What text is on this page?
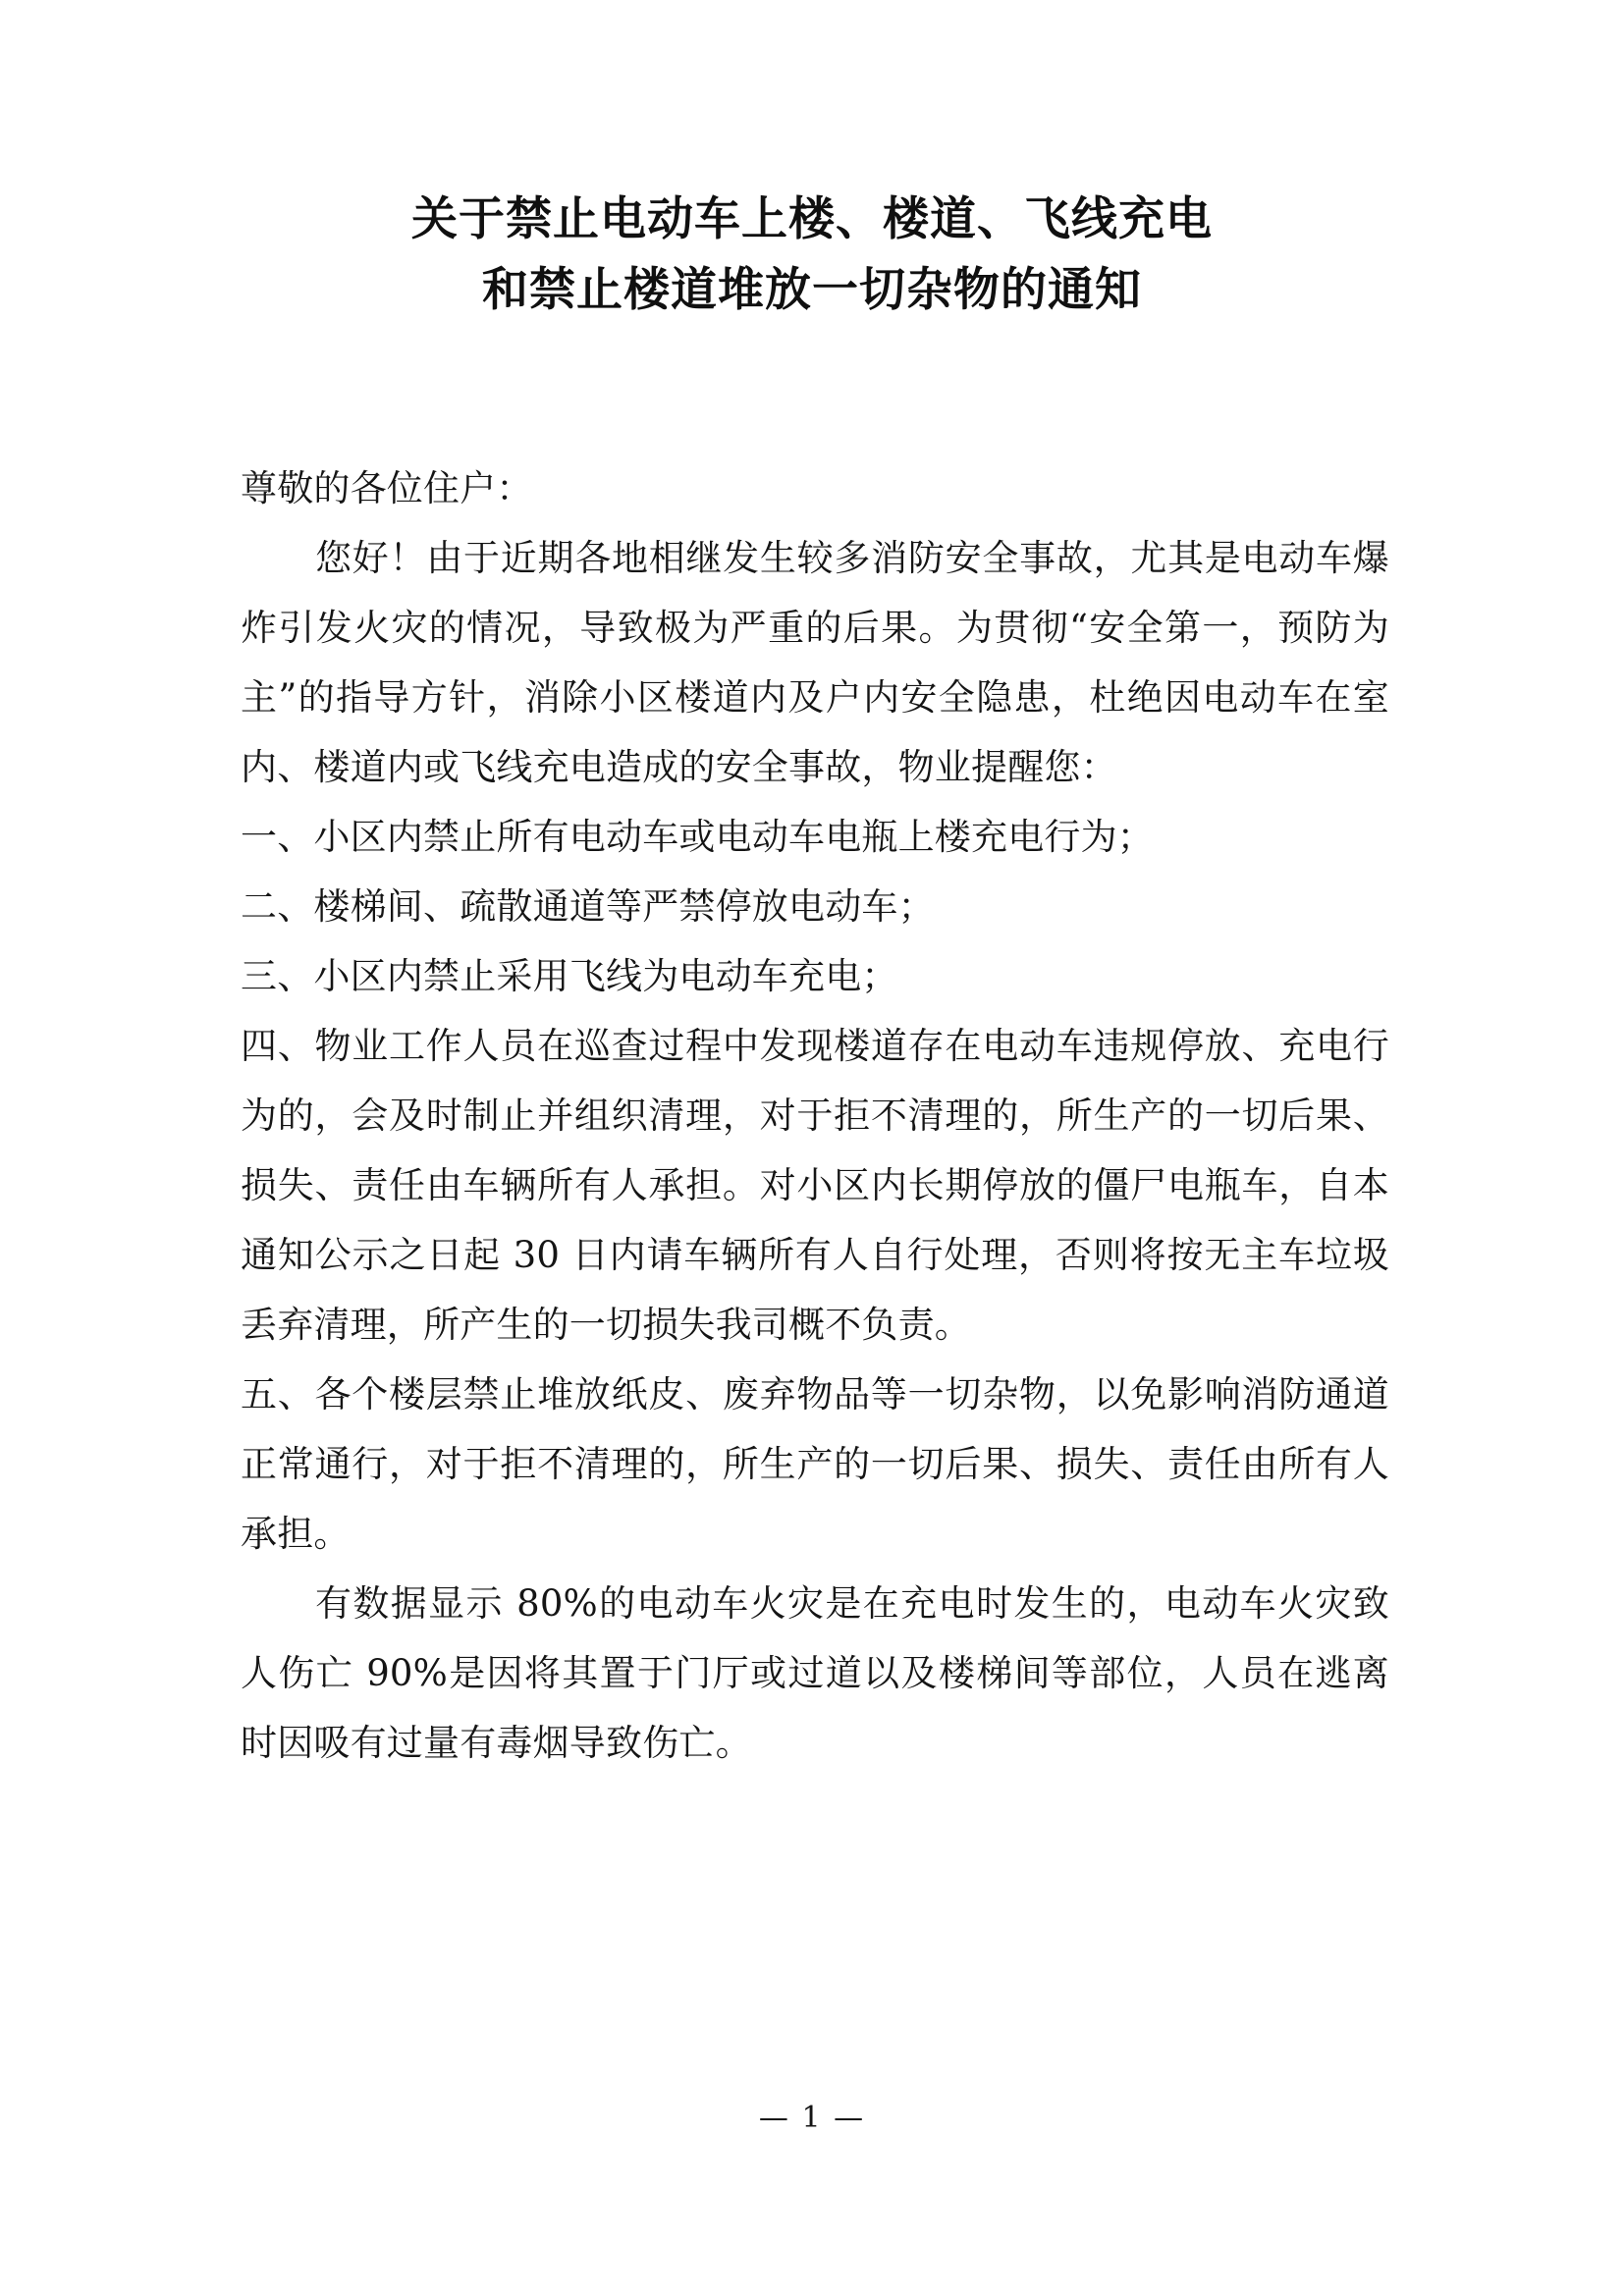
关于禁止电动车上楼、楼道、飞线充电
和禁止楼道堆放一切杂物的通知
尊敬的各位住户：
您好！由于近期各地相继发生较多消防安全事故，尤其是电动车爆炸引发火灾的情况，导致极为严重的后果。为贯彻“安全第一，预防为主”的指导方针，消除小区楼道内及户内安全隐患，杜绝因电动车在室内、楼道内或飞线充电造成的安全事故，物业提醒您：
一、小区内禁止所有电动车或电动车电瓶上楼充电行为；
二、楼梯间、疏散通道等严禁停放电动车；
三、小区内禁止采用飞线为电动车充电；
四、物业工作人员在巡查过程中发现楼道存在电动车违规停放、充电行为的，会及时制止并组织清理，对于拒不清理的，所生产的一切后果、损失、责任由车辆所有人承担。对小区内长期停放的僵尸电瓶车，自本通知公示之日起 30 日内请车辆所有人自行处理，否则将按无主车垃圾丢弃清理，所产生的一切损失我司概不负责。
五、各个楼层禁止堆放纸皮、废弃物品等一切杂物，以免影响消防通道正常通行，对于拒不清理的，所生产的一切后果、损失、责任由所有人承担。
有数据显示 80%的电动车火灾是在充电时发生的，电动车火灾致人伤亡 90%是因将其置于门厅或过道以及楼梯间等部位，人员在逃离时因吸有过量有毒烟导致伤亡。
— 1 —
